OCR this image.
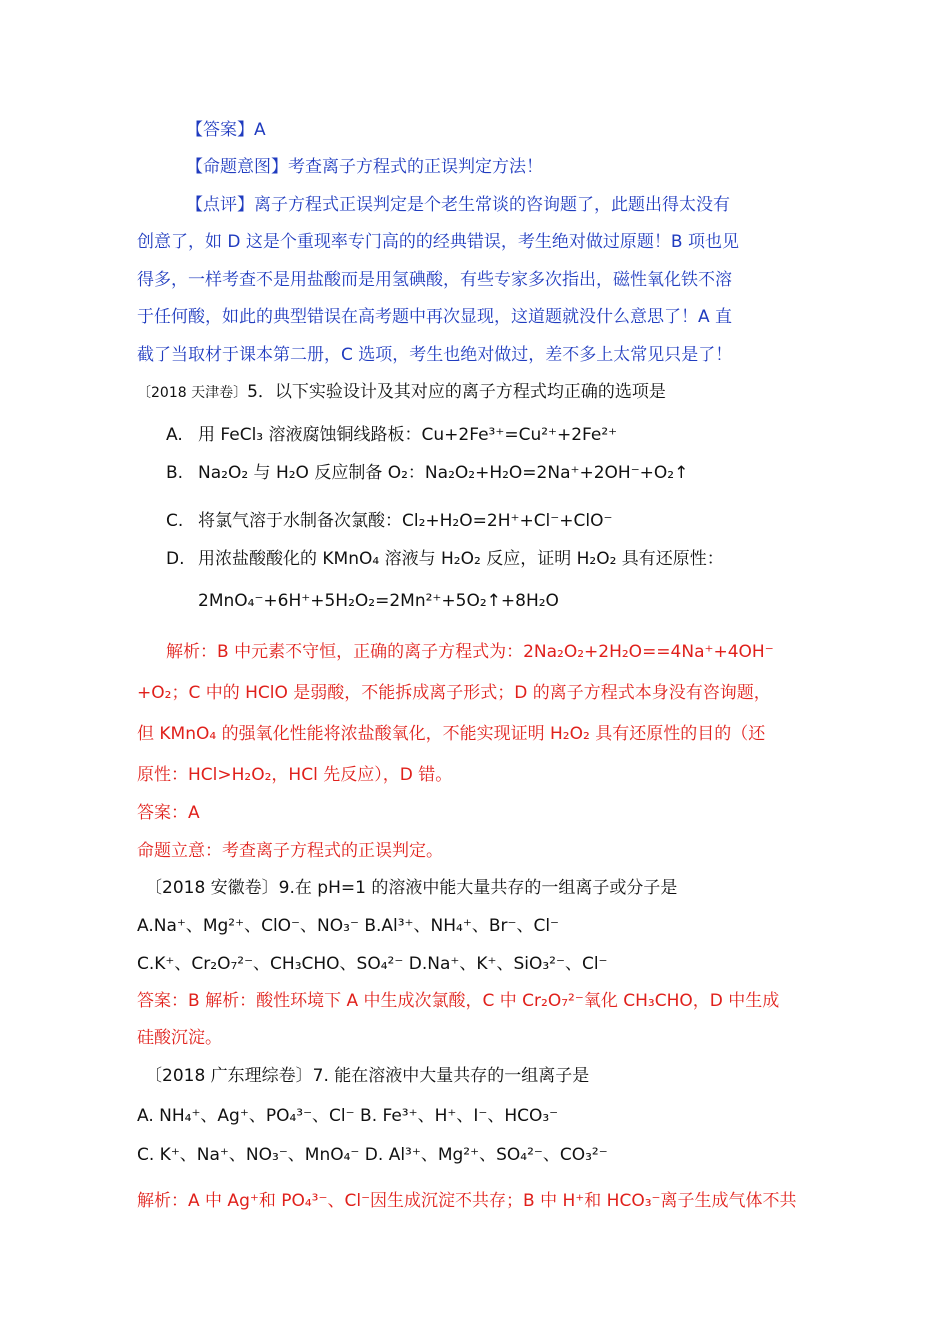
【答案】A
【命题意图】考查离子方程式的正误判定方法！
【点评】离子方程式正误判定是个老生常谈的咨询题了，此题出得太没有
创意了，如 D 这是个重现率专门高的的经典错误，考生绝对做过原题！B 项也见
得多，一样考查不是用盐酸而是用氢碘酸，有些专家多次指出，磁性氧化铁不溶
于任何酸，如此的典型错误在高考题中再次显现，这道题就没什么意思了！A 直
截了当取材于课本第二册，C 选项，考生也绝对做过，差不多上太常见只是了！
〔2018 天津卷〕5．以下实验设计及其对应的离子方程式均正确的选项是
A. 用 FeCl₃ 溶液腐蚀铜线路板：Cu+2Fe³⁺=Cu²⁺+2Fe²⁺
B. Na₂O₂ 与 H₂O 反应制备 O₂：Na₂O₂+H₂O=2Na⁺+2OH⁻+O₂↑
C. 将氯气溶于水制备次氯酸：Cl₂+H₂O=2H⁺+Cl⁻+ClO⁻
D. 用浓盐酸酸化的 KMnO₄ 溶液与 H₂O₂ 反应，证明 H₂O₂ 具有还原性：
2MnO₄⁻+6H⁺+5H₂O₂=2Mn²⁺+5O₂↑+8H₂O
解析：B 中元素不守恒，正确的离子方程式为：2Na₂O₂+2H₂O==4Na⁺+4OH⁻
+O₂；C 中的 HClO 是弱酸，不能拆成离子形式；D 的离子方程式本身没有咨询题，
但 KMnO₄ 的强氧化性能将浓盐酸氧化，不能实现证明 H₂O₂ 具有还原性的目的（还
原性：HCl>H₂O₂，HCl 先反应），D 错。
答案：A
命题立意：考查离子方程式的正误判定。
〔2018 安徽卷〕9.在 pH=1 的溶液中能大量共存的一组离子或分子是
A.Na⁺、Mg²⁺、ClO⁻、NO₃⁻ B.Al³⁺、NH₄⁺、Br⁻、Cl⁻
C.K⁺、Cr₂O₇²⁻、CH₃CHO、SO₄²⁻ D.Na⁺、K⁺、SiO₃²⁻、Cl⁻
答案：B 解析：酸性环境下 A 中生成次氯酸，C 中 Cr₂O₇²⁻氧化 CH₃CHO，D 中生成
硅酸沉淀。
〔2018 广东理综卷〕7. 能在溶液中大量共存的一组离子是
A. NH₄⁺、Ag⁺、PO₄³⁻、Cl⁻ B. Fe³⁺、H⁺、I⁻、HCO₃⁻
C. K⁺、Na⁺、NO₃⁻、MnO₄⁻ D. Al³⁺、Mg²⁺、SO₄²⁻、CO₃²⁻
解析：A 中 Ag⁺和 PO₄³⁻、Cl⁻因生成沉淀不共存；B 中 H⁺和 HCO₃⁻离子生成气体不共
